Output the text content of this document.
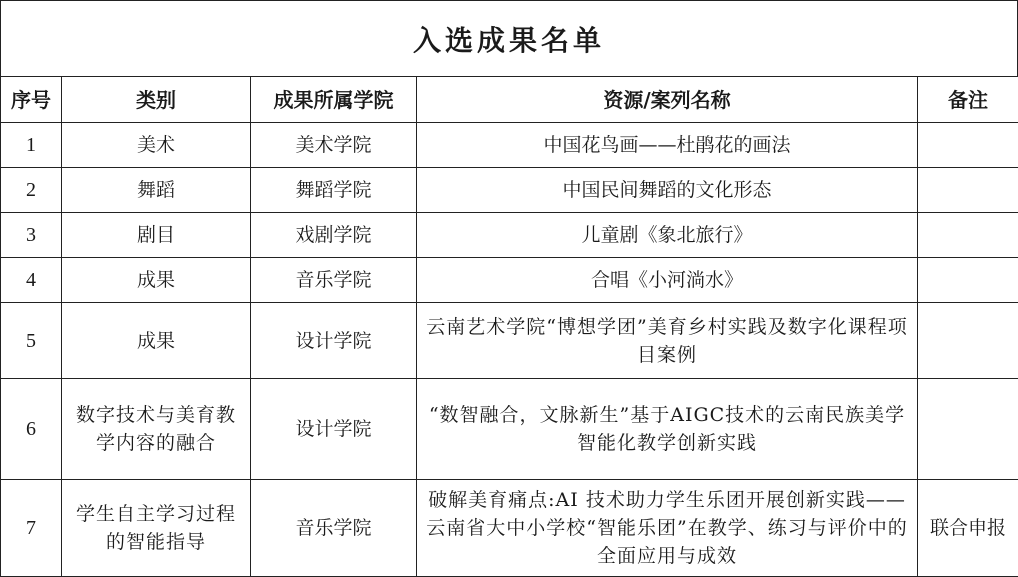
入选成果名单
序号	类别	成果所属学院	资源/案列名称	备注
1	美术	美术学院	中国花鸟画——杜鹃花的画法	
2	舞蹈	舞蹈学院	中国民间舞蹈的文化形态	
3	剧目	戏剧学院	儿童剧《象北旅行》	
4	成果	音乐学院	合唱《小河淌水》	
5	成果	设计学院	云南艺术学院“博想学团”美育乡村实践及数字化课程项目案例	
6	数字技术与美育教学内容的融合	设计学院	“数智融合，文脉新生”基于AIGC技术的云南民族美学智能化教学创新实践	
7	学生自主学习过程的智能指导	音乐学院	破解美育痛点:AI 技术助力学生乐团开展创新实践——云南省大中小学校“智能乐团”在教学、练习与评价中的全面应用与成效	联合申报
